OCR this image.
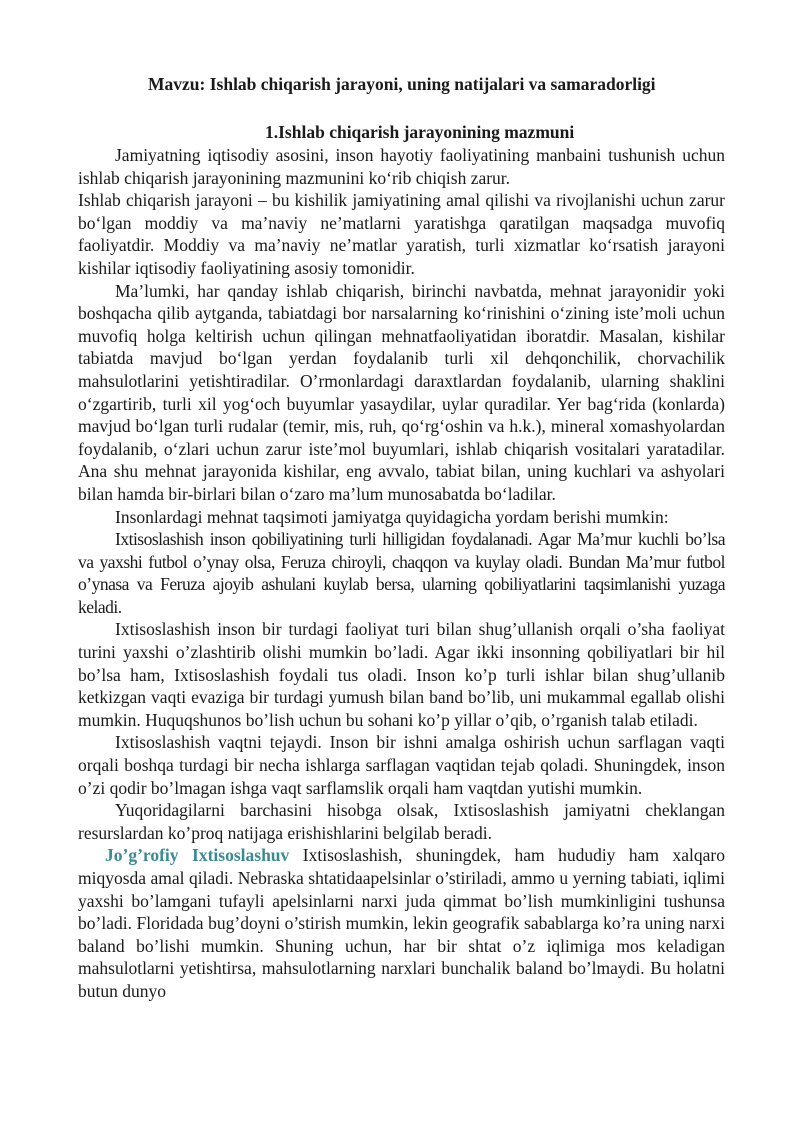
Mavzu: Ishlab chiqarish jarayoni, uning natijalari va samaradorligi
1.Ishlab chiqarish jarayonining mazmuni

Jamiyatning iqtisodiy asosini, inson hayotiy faoliyatining manbaini tushunish uchun ishlab chiqarish jarayonining mazmunini ko‘rib chiqish zarur.

Ishlab chiqarish jarayoni – bu kishilik jamiyatining amal qilishi va rivojlanishi uchun zarur bo‘lgan moddiy va ma’naviy ne’matlarni yaratishga qaratilgan maqsadga muvofiq faoliyatdir. Moddiy va ma’naviy ne’matlar yaratish, turli xizmatlar ko‘rsatish jarayoni kishilar iqtisodiy faoliyatining asosiy tomonidir.

Ma’lumki, har qanday ishlab chiqarish, birinchi navbatda, mehnat jarayonidir yoki boshqacha qilib aytganda, tabiatdagi bor narsalarning ko‘rinishini o‘zining iste’moli uchun muvofiq holga keltirish uchun qilingan mehnatfaoliyatidan iboratdir. Masalan, kishilar tabiatda mavjud bo‘lgan yerdan foydalanib turli xil dehqonchilik, chorvachilik mahsulotlarini yetishtiradilar. O’rmonlardagi daraxtlardan foydalanib, ularning shaklini o‘zgartirib, turli xil yog‘och buyumlar yasaydilar, uylar quradilar. Yer bag‘rida (konlarda) mavjud bo‘lgan turli rudalar (temir, mis, ruh, qo‘rg‘oshin va h.k.), mineral xomashyolardan foydalanib, o‘zlari uchun zarur iste’mol buyumlari, ishlab chiqarish vositalari yaratadilar. Ana shu mehnat jarayonida kishilar, eng avvalo, tabiat bilan, uning kuchlari va ashyolari bilan hamda bir-birlari bilan o‘zaro ma’lum munosabatda bo‘ladilar.

Insonlardagi mehnat taqsimoti jamiyatga quyidagicha yordam berishi mumkin:

Ixtisoslashish inson qobiliyatining turli hilligidan foydalanadi. Agar Ma’mur kuchli bo’lsa va yaxshi futbol o’ynay olsa, Feruza chiroyli, chaqqon va kuylay oladi. Bundan Ma’mur futbol o’ynasa va Feruza ajoyib ashulani kuylab bersa, ularning qobiliyatlarini taqsimlanishi yuzaga keladi.

Ixtisoslashish inson bir turdagi faoliyat turi bilan shug’ullanish orqali o’sha faoliyat turini yaxshi o’zlashtirib olishi mumkin bo’ladi. Agar ikki insonning qobiliyatlari bir hil bo’lsa ham, Ixtisoslashish foydali tus oladi. Inson ko’p turli ishlar bilan shug’ullanib ketkizgan vaqti evaziga bir turdagi yumush bilan band bo’lib, uni mukammal egallab olishi mumkin. Huquqshunos bo’lish uchun bu sohani ko’p yillar o’qib, o’rganish talab etiladi.

Ixtisoslashish vaqtni tejaydi. Inson bir ishni amalga oshirish uchun sarflagan vaqti orqali boshqa turdagi bir necha ishlarga sarflagan vaqtidan tejab qoladi. Shuningdek, inson o’zi qodir bo’lmagan ishga vaqt sarflamslik orqali ham vaqtdan yutishi mumkin.

Yuqoridagilarni barchasini hisobga olsak, Ixtisoslashish jamiyatni cheklangan resurslardan ko’proq natijaga erishishlarini belgilab beradi.

Jo’g’rofiy Ixtisoslashuv Ixtisoslashish, shuningdek, ham hududiy ham xalqaro miqyosda amal qiladi. Nebraska shtatidaapelsinlar o’stiriladi, ammo u yerning tabiati, iqlimi yaxshi bo’lamgani tufayli apelsinlarni narxi juda qimmat bo’lish mumkinligini tushunsa bo’ladi. Floridada bug’doyni o’stirish mumkin, lekin geografik sabablarga ko’ra uning narxi baland bo’lishi mumkin. Shuning uchun, har bir shtat o’z iqlimiga mos keladigan mahsulotlarni yetishtirsa, mahsulotlarning narxlari bunchalik baland bo’lmaydi. Bu holatni butun dunyo
